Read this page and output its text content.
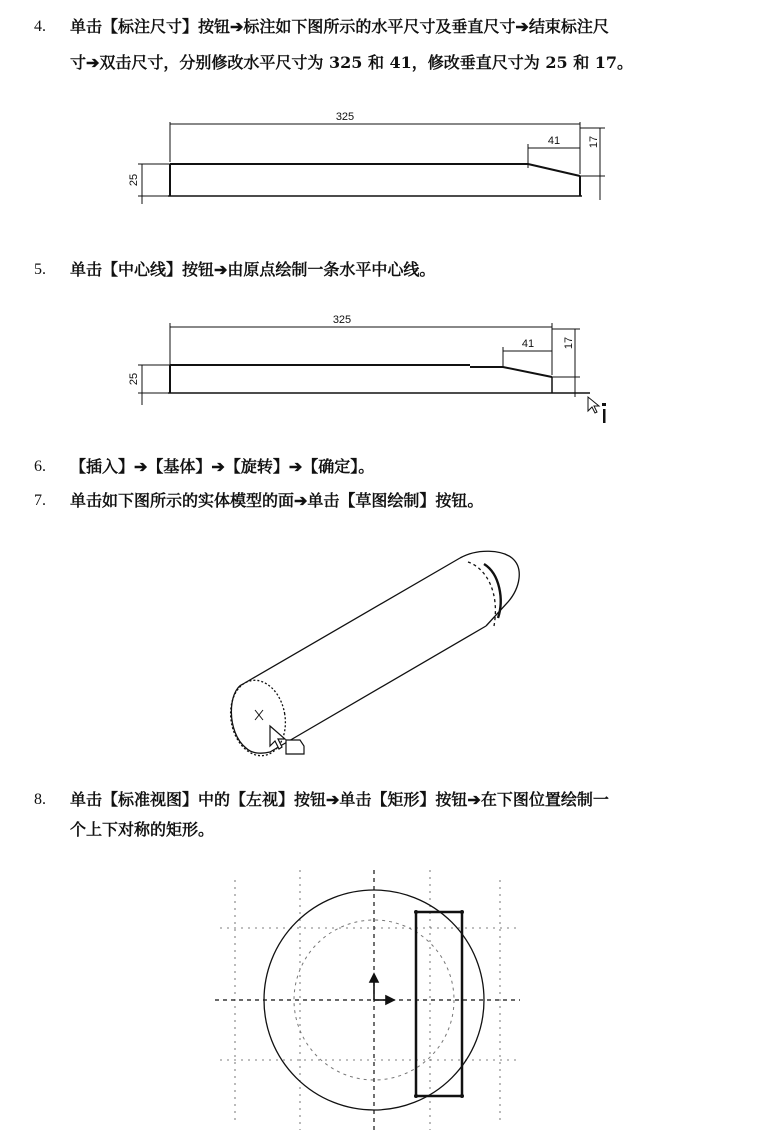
4. 单击【标注尺寸】按钮➔标注如下图所示的水平尺寸及垂直尺寸➔结束标注尺
寸➔双击尺寸，分别修改水平尺寸为 325 和 41，修改垂直尺寸为 25 和 17。
325
41	17
25
5. 单击【中心线】按钮➔由原点绘制一条水平中心线。
325
41	17
25
6. 【插入】➔【基体】➔【旋转】➔【确定】。
7. 单击如下图所示的实体模型的面➔单击【草图绘制】按钮。
8. 单击【标准视图】中的【左视】按钮➔单击【矩形】按钮➔在下图位置绘制一
个上下对称的矩形。
